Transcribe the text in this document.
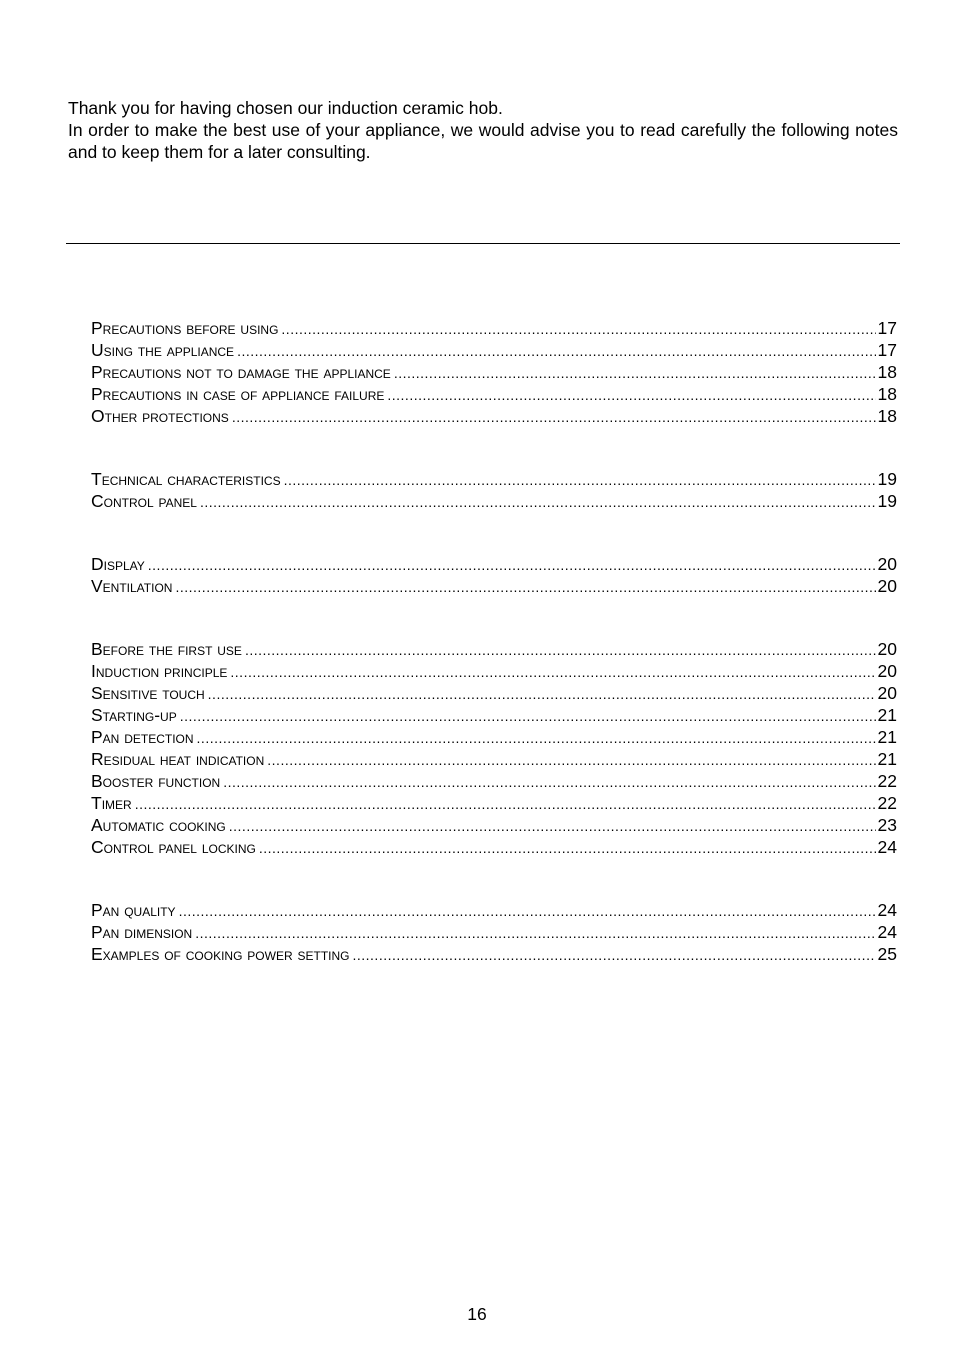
Thank you for having chosen our induction ceramic hob.

In order to make the best use of your appliance, we would advise you to read carefully the following notes and to keep them for a later consulting.

Precautions before using .....	17
Using the appliance .....	17
Precautions not to damage the appliance .....	18
Precautions in case of appliance failure .....	18
Other protections .....	18
Technical characteristics .....	19
Control panel .....	19
Display .....	20
Ventilation .....	20
Before the first use .....	20
Induction principle .....	20
Sensitive touch .....	20
Starting-up .....	21
Pan detection .....	21
Residual heat indication .....	21
Booster function .....	22
Timer .....	22
Automatic cooking .....	23
Control panel locking .....	24
Pan quality .....	24
Pan dimension .....	24
Examples of cooking power setting .....	25
16
